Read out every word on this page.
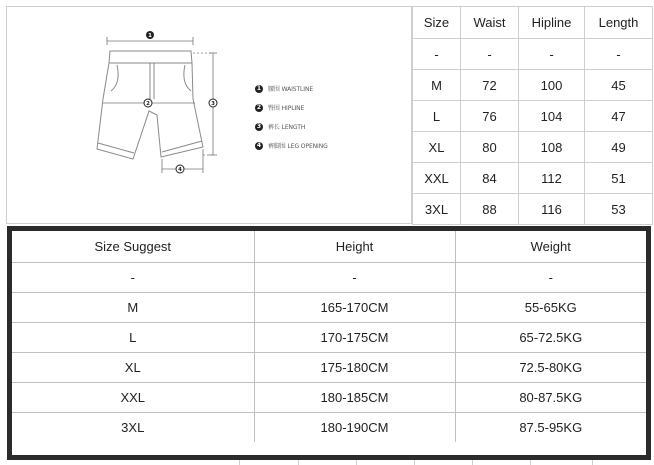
1
2	3
4
1	腰围 WAISTLINE
2	臀围 HIPLINE
3	裤长 LENGTH
4	裤脚围 LEG OPENING
Size	Waist	Hipline	Length
-	-	-	-
M	72	100	45
L	76	104	47
XL	80	108	49
XXL	84	112	51
3XL	88	116	53
Size Suggest	Height	Weight
-	-	-
M	165-170CM	55-65KG
L	170-175CM	65-72.5KG
XL	175-180CM	72.5-80KG
XXL	180-185CM	80-87.5KG
3XL	180-190CM	87.5-95KG
